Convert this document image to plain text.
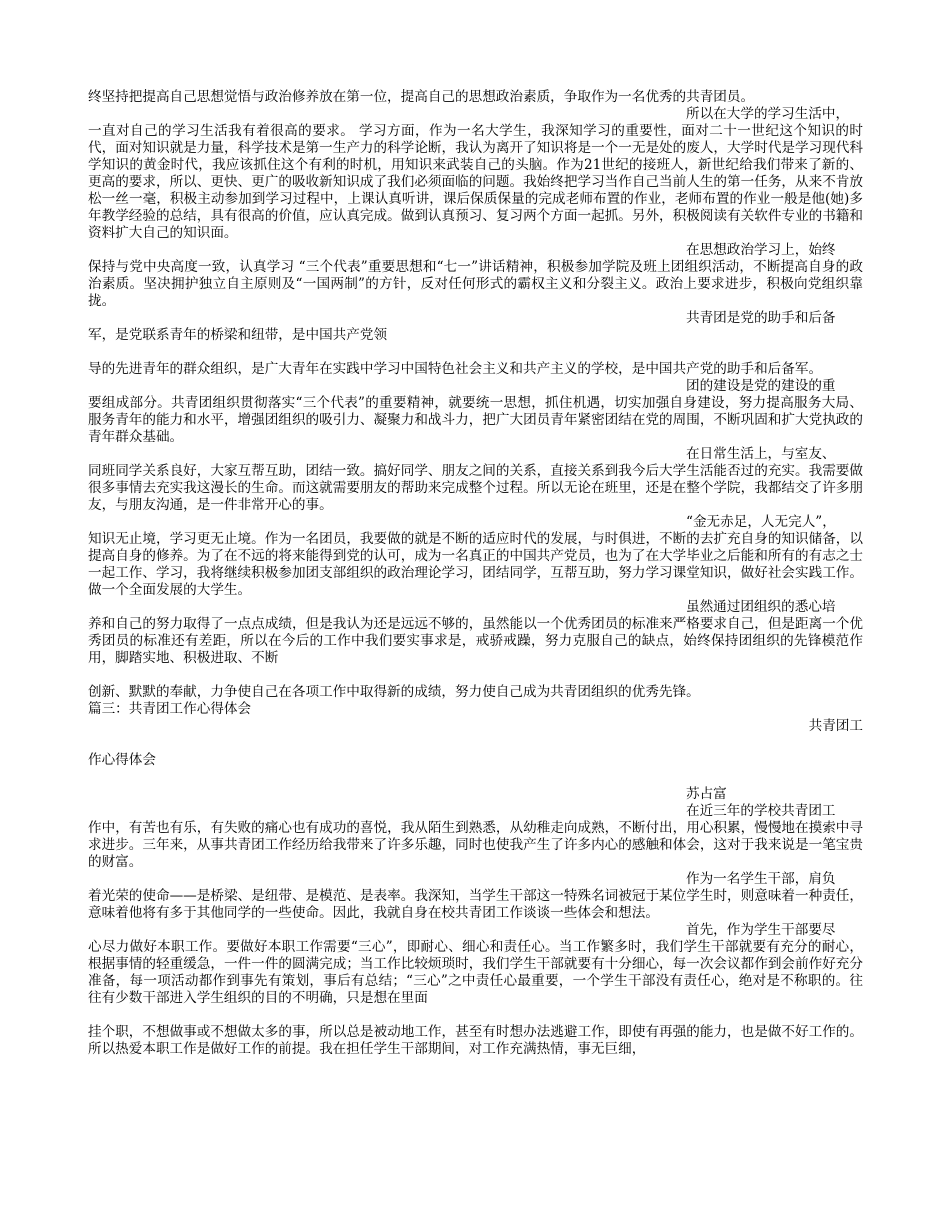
终坚持把提高自己思想觉悟与政治修养放在第一位，提高自己的思想政治素质，争取作为一名优秀的共青团员。

所以在大学的学习生活中，

一直对自己的学习生活我有着很高的要求。 学习方面，作为一名大学生，我深知学习的重要性，面对二十一世纪这个知识的时代，面对知识就是力量，科学技术是第一生产力的科学论断，我认为离开了知识将是一个一无是处的废人，大学时代是学习现代科学知识的黄金时代，我应该抓住这个有利的时机，用知识来武装自己的头脑。作为21世纪的接班人，新世纪给我们带来了新的、更高的要求，所以、更快、更广的吸收新知识成了我们必须面临的问题。我始终把学习当作自己当前人生的第一任务，从来不肯放松一丝一毫，积极主动参加到学习过程中，上课认真听讲，课后保质保量的完成老师布置的作业，老师布置的作业一般是他(她)多年教学经验的总结，具有很高的价值，应认真完成。做到认真预习、复习两个方面一起抓。另外，积极阅读有关软件专业的书籍和资料扩大自己的知识面。

在思想政治学习上，始终

保持与党中央高度一致，认真学习 “三个代表”重要思想和“七一”讲话精神，积极参加学院及班上团组织活动，不断提高自身的政治素质。坚决拥护独立自主原则及“一国两制”的方针，反对任何形式的霸权主义和分裂主义。政治上要求进步，积极向党组织靠拢。

共青团是党的助手和后备

军，是党联系青年的桥梁和纽带，是中国共产党领

导的先进青年的群众组织，是广大青年在实践中学习中国特色社会主义和共产主义的学校，是中国共产党的助手和后备军。

团的建设是党的建设的重

要组成部分。共青团组织贯彻落实“三个代表”的重要精神，就要统一思想，抓住机遇，切实加强自身建设，努力提高服务大局、服务青年的能力和水平，增强团组织的吸引力、凝聚力和战斗力，把广大团员青年紧密团结在党的周围，不断巩固和扩大党执政的青年群众基础。

在日常生活上，与室友、

同班同学关系良好，大家互帮互助，团结一致。搞好同学、朋友之间的关系，直接关系到我今后大学生活能否过的充实。我需要做很多事情去充实我这漫长的生命。而这就需要朋友的帮助来完成整个过程。所以无论在班里，还是在整个学院，我都结交了许多朋友，与朋友沟通，是一件非常开心的事。

“金无赤足，人无完人”，

知识无止境，学习更无止境。作为一名团员，我要做的就是不断的适应时代的发展，与时俱进，不断的去扩充自身的知识储备，以提高自身的修养。为了在不远的将来能得到党的认可，成为一名真正的中国共产党员，也为了在大学毕业之后能和所有的有志之士一起工作、学习，我将继续积极参加团支部组织的政治理论学习，团结同学，互帮互助，努力学习课堂知识，做好社会实践工作。做一个全面发展的大学生。

虽然通过团组织的悉心培

养和自己的努力取得了一点点成绩，但是我认为还是远远不够的，虽然能以一个优秀团员的标准来严格要求自己，但是距离一个优秀团员的标准还有差距，所以在今后的工作中我们要实事求是，戒骄戒躁，努力克服自己的缺点，始终保持团组织的先锋模范作用，脚踏实地、积极进取、不断

创新、默默的奉献，力争使自己在各项工作中取得新的成绩，努力使自己成为共青团组织的优秀先锋。

篇三：共青团工作心得体会

共青团工

作心得体会

苏占富

在近三年的学校共青团工

作中，有苦也有乐，有失败的痛心也有成功的喜悦，我从陌生到熟悉，从幼稚走向成熟，不断付出，用心积累，慢慢地在摸索中寻求进步。三年来，从事共青团工作经历给我带来了许多乐趣，同时也使我产生了许多内心的感触和体会，这对于我来说是一笔宝贵的财富。

作为一名学生干部，肩负

着光荣的使命——是桥梁、是纽带、是模范、是表率。我深知，当学生干部这一特殊名词被冠于某位学生时，则意味着一种责任，意味着他将有多于其他同学的一些使命。因此，我就自身在校共青团工作谈谈一些体会和想法。

首先，作为学生干部要尽

心尽力做好本职工作。要做好本职工作需要“三心”，即耐心、细心和责任心。当工作繁多时，我们学生干部就要有充分的耐心，根据事情的轻重缓急，一件一件的圆满完成；当工作比较烦琐时，我们学生干部就要有十分细心，每一次会议都作到会前作好充分准备，每一项活动都作到事先有策划，事后有总结；“三心”之中责任心最重要，一个学生干部没有责任心，绝对是不称职的。往往有少数干部进入学生组织的目的不明确，只是想在里面

挂个职，不想做事或不想做太多的事，所以总是被动地工作，甚至有时想办法逃避工作，即使有再强的能力，也是做不好工作的。所以热爱本职工作是做好工作的前提。我在担任学生干部期间，对工作充满热情，事无巨细，
